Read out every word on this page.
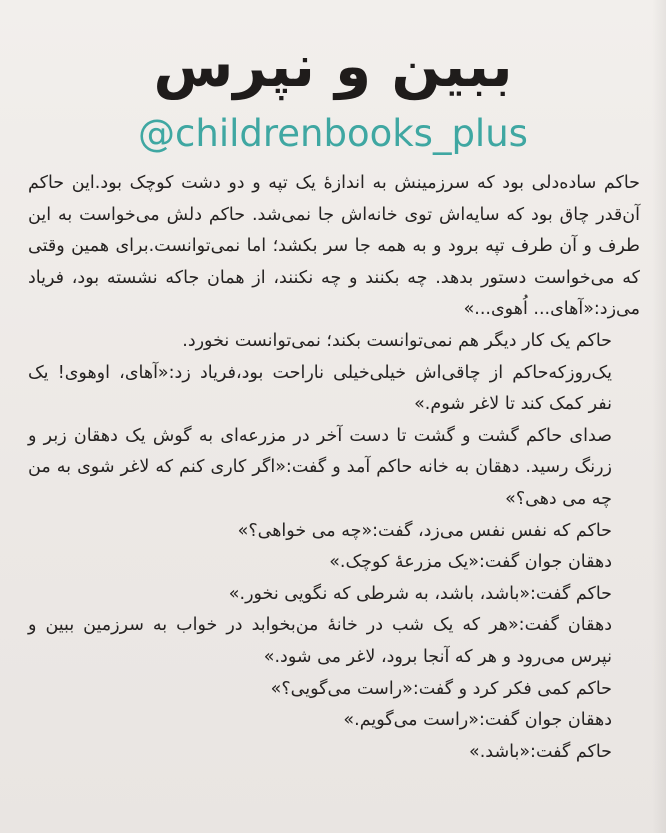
ببین و نپرس
@childrenbooks_plus

حاکم ساده‌دلی بود که سرزمینش به اندازهٔ یک تپه و دو دشت کوچک بود.این حاکم آن‌قدر چاق بود که سایه‌اش توی خانه‌اش جا نمی‌شد. حاکم دلش می‌خواست به این طرف و آن طرف تپه برود و به همه جا سر بکشد؛ اما نمی‌توانست.برای همین وقتی که می‌خواست دستور بدهد. چه بکنند و چه نکنند، از همان جاکه نشسته بود، فریاد می‌زد:«آهای... اُهوی...»

حاکم یک کار دیگر هم نمی‌توانست بکند؛ نمی‌توانست نخورد.

یک‌روزکه‌حاکم از چاقی‌اش خیلی‌خیلی ناراحت بود،فریاد زد:«آهای، اوهوی! یک نفر کمک کند تا لاغر شوم.»

صدای حاکم گشت و گشت تا دست آخر در مزرعه‌ای به گوش یک دهقان زبر و زرنگ رسید. دهقان به خانه حاکم آمد و گفت:«اگر کاری کنم که لاغر شوی به من چه می دهی؟»

حاکم که نفس نفس می‌زد، گفت:«چه می خواهی؟»

دهقان جوان گفت:«یک مزرعهٔ کوچک.»

حاکم گفت:«باشد، باشد، به شرطی که نگویی نخور.»

دهقان گفت:«هر که یک شب در خانهٔ من‌بخوابد در خواب به سرزمین ببین و نپرس می‌رود و هر که آنجا برود، لاغر می شود.»

حاکم کمی فکر کرد و گفت:«راست می‌گویی؟»

دهقان جوان گفت:«راست می‌گویم.»

حاکم گفت:«باشد.»
